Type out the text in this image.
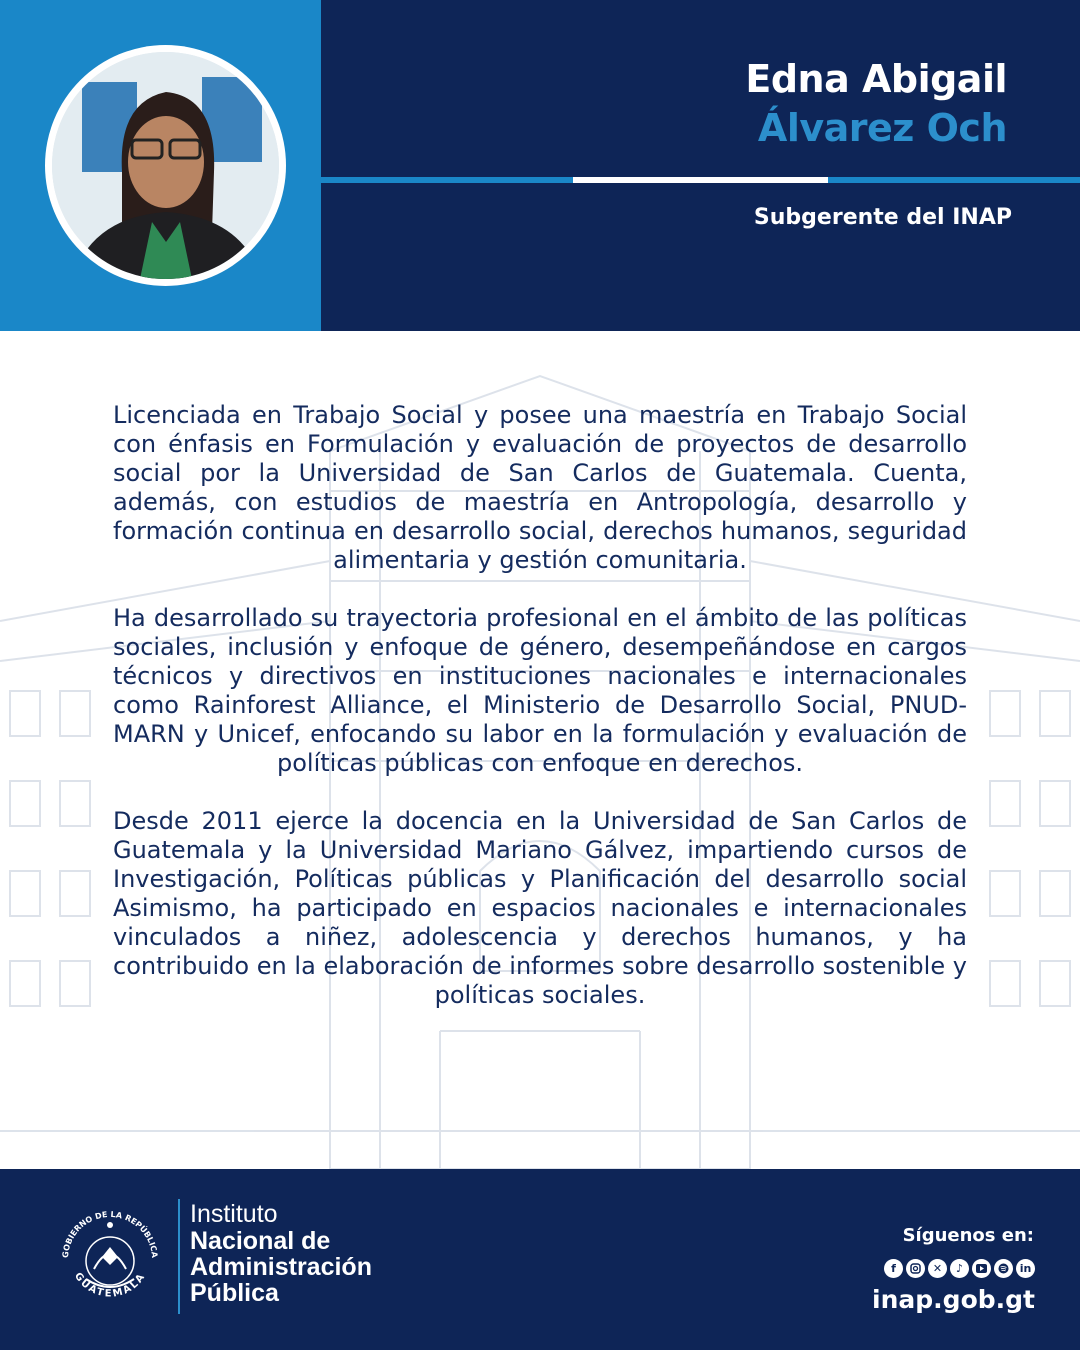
Edna Abigail
Álvarez Och
Subgerente del INAP

Licenciada en Trabajo Social y posee una maestría en Trabajo Social con énfasis en Formulación y evaluación de proyectos de desarrollo social por la Universidad de San Carlos de Guatemala. Cuenta, además, con estudios de maestría en Antropología, desarrollo y formación continua en desarrollo social, derechos humanos, seguridad alimentaria y gestión comunitaria.

Ha desarrollado su trayectoria profesional en el ámbito de las políticas sociales, inclusión y enfoque de género, desempeñándose en cargos técnicos y directivos en instituciones nacionales e internacionales como Rainforest Alliance, el Ministerio de Desarrollo Social, PNUD-MARN y Unicef, enfocando su labor en la formulación y evaluación de políticas públicas con enfoque en derechos.

Desde 2011 ejerce la docencia en la Universidad de San Carlos de Guatemala y la Universidad Mariano Gálvez, impartiendo cursos de Investigación, Políticas públicas y Planificación del desarrollo social Asimismo, ha participado en espacios nacionales e internacionales vinculados a niñez, adolescencia y derechos humanos, y ha contribuido en la elaboración de informes sobre desarrollo sostenible y políticas sociales.

GOBIERNO DE LA REPÚBLICA
GUATEMALA
Instituto
Nacional de
Administración
Pública
Síguenos en:
f	✕	♪	in
inap.gob.gt
